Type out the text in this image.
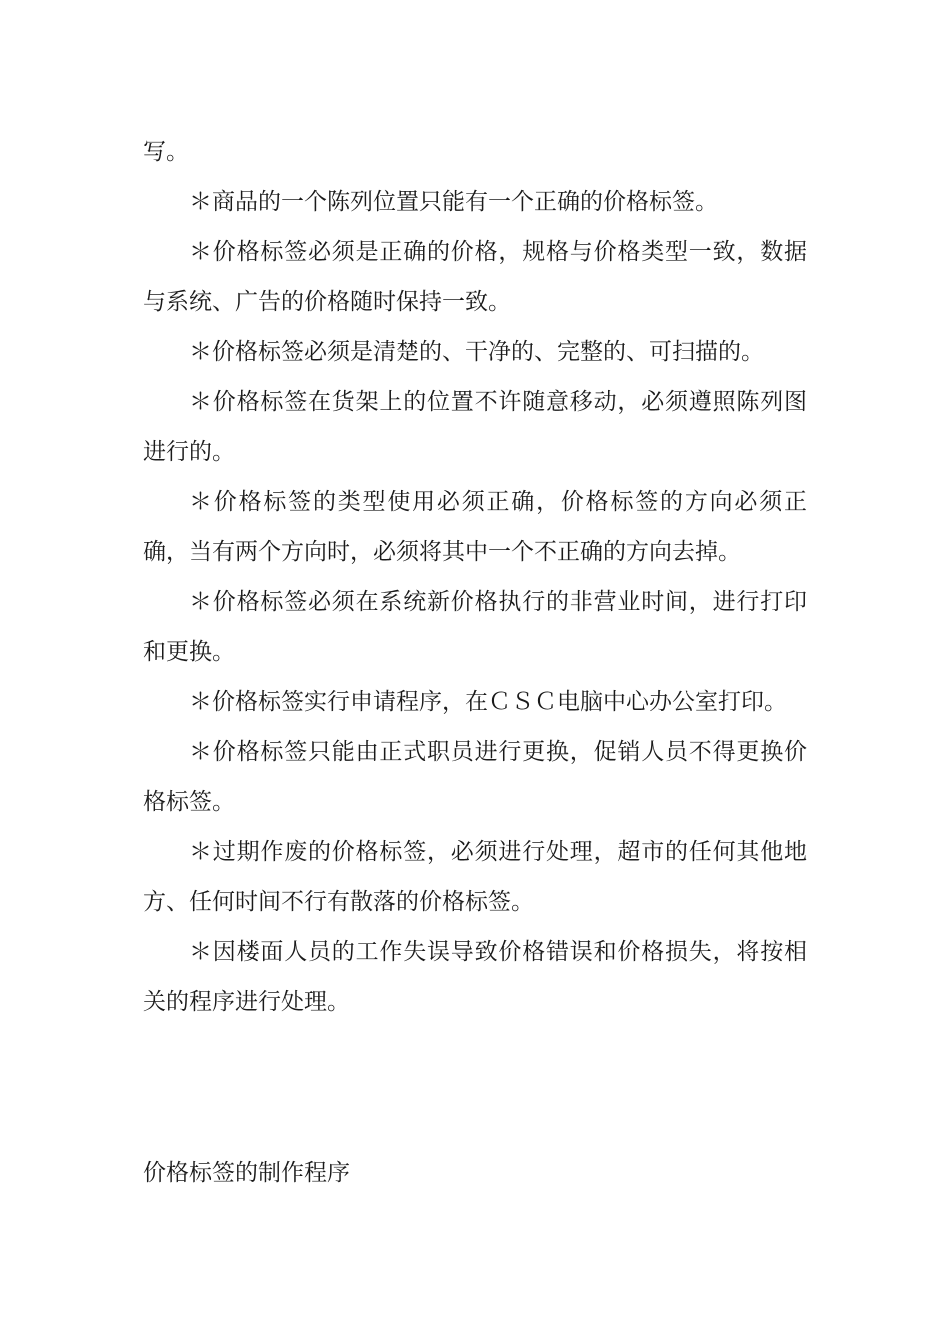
写。

＊商品的一个陈列位置只能有一个正确的价格标签。

＊价格标签必须是正确的价格，规格与价格类型一致，数据与系统、广告的价格随时保持一致。

＊价格标签必须是清楚的、干净的、完整的、可扫描的。

＊价格标签在货架上的位置不许随意移动，必须遵照陈列图进行的。

＊价格标签的类型使用必须正确，价格标签的方向必须正确，当有两个方向时，必须将其中一个不正确的方向去掉。

＊价格标签必须在系统新价格执行的非营业时间，进行打印和更换。

＊价格标签实行申请程序，在ＣＳＣ电脑中心办公室打印。

＊价格标签只能由正式职员进行更换，促销人员不得更换价格标签。

＊过期作废的价格标签，必须进行处理，超市的任何其他地方、任何时间不行有散落的价格标签。

＊因楼面人员的工作失误导致价格错误和价格损失，将按相关的程序进行处理。

价格标签的制作程序
